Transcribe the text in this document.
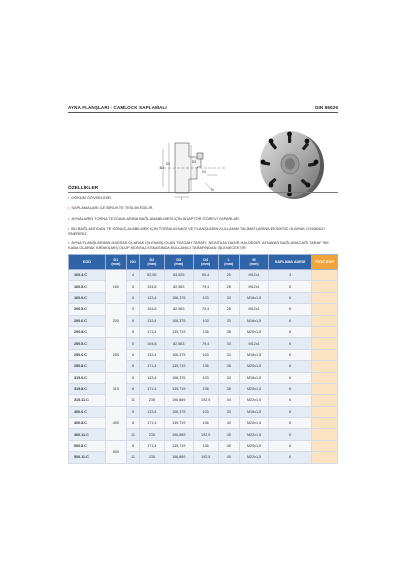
AYNA FLANŞLARI - CAMLOCK SAPLAMALI	DIN 55029
D1
D2	D3
D4
L
M
ÖZELLİKLER
• DÖKÜM GÖVDELİDİR.
• SAPLAMALARI İLE BİRLİKTE TESLİM EDİLİR.
• AYNALARIN TORNA TEZGAHLARINA BAĞLANABİLMESİ İÇİN ADAPTÖR GÖREVİ YAPARLAR.
• BU BAĞLANTIDAN TE SONUÇ ALABİLMEK İÇİN TORNA AYNASI VE FLANŞLARIN KULLANIM TALİMATLARINA EKSİKSİZ OLARAK UYMANIZI ÖNERİRİZ.
• AYNA FLANŞLARININ HASSAS OLARAK İŞLENMİŞ OLAN TEZGAH TARAFI, MONTAJA HAZIR HALDEDİR. AYNANIN BAĞLANACAĞI TARAF İSE KABA OLARAK BIRAKILMIŞ OLUP MONTAJ ESNASINDA KULLANICI TARAFINDAN İŞLENECEKTİR.
KOD	D1
(mm)	NO	D2
(mm)	D3
(mm)	D4
(mm)	L
(mm)	M
(mm)	SAPLAMA ADEDİ	FİYAT EUR
160.4.C	160	4	82,55	63,525	60,4	25	M12x1	3	
160.5.C		5	104,8	82,563	79,4	28	M12x1	6	
160.6.C		6	133,4	106,375	103	33	M16x1,5	6	
200.5.C	200	5	104,8	82,563	79,4	28	M12x1	6	
200.6.C		6	133,4	106,375	103	33	M16x1,5	6	
200.8.C		8	171,4	139,719	136	38	M20x1,5	6	
250.5.C	250	5	104,8	82,563	79,4	33	M12x1	6	
250.6.C		6	133,4	106,375	103	33	M16x1,5	6	
250.8.C		8	171,4	139,719	136	38	M20x1,5	6	
315.6.C	315	6	133,4	106,375	103	33	M16x1,5	6	
315.8.C		8	171,4	139,719	136	38	M20x1,5	6	
315.11.C		11	235	196,869	192,5	44	M22x1,5	6	
400.6.C	400	6	133,4	106,375	103	33	M16x1,5	6	
400.8.C		8	171,4	139,719	136	40	M20x1,5	6	
400.11.C		11	235	196,869	192,5	45	M22x1,5	6	
500.8.C	500	8	171,4	139,719	136	45	M20x1,5	6	
500.11.C		11	235	196,869	192,5	45	M22x1,5	6	
